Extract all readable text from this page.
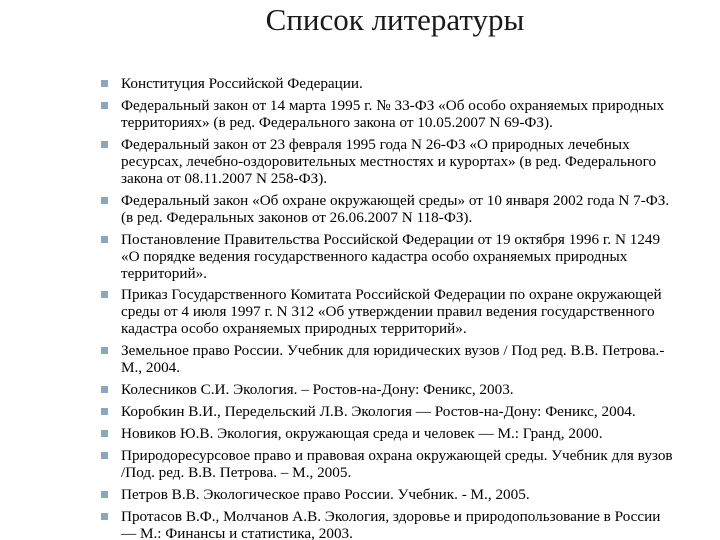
Список литературы
Конституция Российской Федерации.
Федеральный закон от 14 марта 1995 г. № 33-ФЗ «Об особо охраняемых природных
территориях» (в ред. Федерального закона от 10.05.2007 N 69-ФЗ).
Федеральный закон от 23 февраля 1995 года N 26-ФЗ «О природных лечебных
ресурсах, лечебно-оздоровительных местностях и курортах» (в ред. Федерального
закона от 08.11.2007 N 258-ФЗ).
Федеральный закон «Об охране окружающей среды» от 10 января 2002 года N 7-ФЗ.
(в ред. Федеральных законов от 26.06.2007 N 118-ФЗ).
Постановление Правительства Российской Федерации от 19 октября 1996 г. N 1249
«О порядке ведения государственного кадастра особо охраняемых природных
территорий».
Приказ Государственного Комитата Российской Федерации по охране окружающей
среды от 4 июля 1997 г. N 312 «Об утверждении правил ведения государственного
кадастра особо охраняемых природных территорий».
Земельное право России. Учебник для юридических вузов / Под ред. В.В. Петрова.-
М., 2004.
Колесников С.И. Экология. – Ростов-на-Дону: Феникс, 2003.
Коробкин В.И., Передельский Л.В. Экология — Ростов-на-Дону: Феникс, 2004.
Новиков Ю.В. Экология, окружающая среда и человек — М.: Гранд, 2000.
Природоресурсовое право и правовая охрана окружающей среды. Учебник для вузов
/Под. ред. В.В. Петрова. – М., 2005.
Петров В.В. Экологическое право России. Учебник. - М., 2005.
Протасов В.Ф., Молчанов А.В. Экология, здоровье и природопользование в России
— М.: Финансы и статистика, 2003.
